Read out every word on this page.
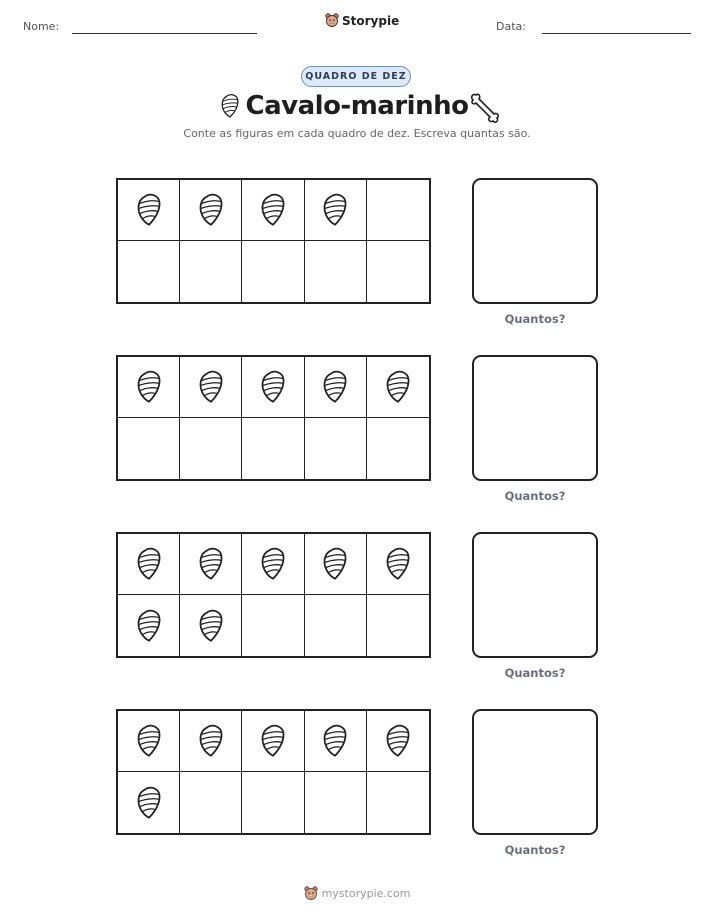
Nome:	Storypie	Data:
QUADRO DE DEZ
Cavalo-marinho
Conte as figuras em cada quadro de dez. Escreva quantas são.
Quantos?
Quantos?
Quantos?
Quantos?
mystorypie.com
